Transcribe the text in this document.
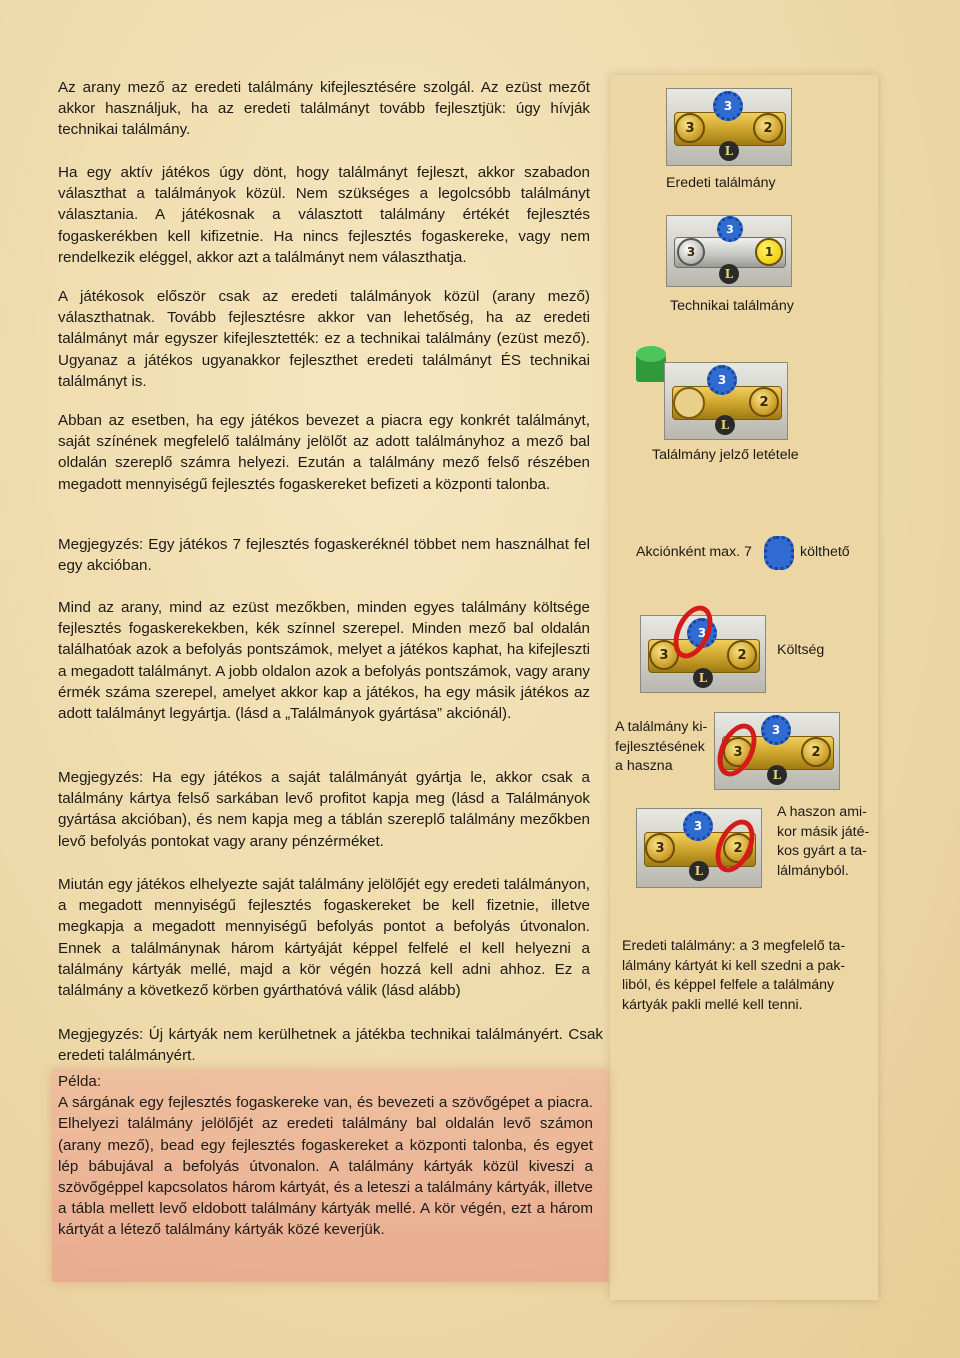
Az arany mező az eredeti találmány kifejlesztésére szolgál. Az ezüst mezőt akkor használjuk, ha az eredeti találmányt tovább fejlesztjük: úgy hívják technikai találmány.

Ha egy aktív játékos úgy dönt, hogy találmányt fejleszt, akkor szabadon választhat a találmányok közül. Nem szükséges a legolcsóbb találmányt választania. A játékosnak a választott találmány értékét fejlesztés fogaskerékben kell kifizetnie. Ha nincs fejlesztés fogaskereke, vagy nem rendelkezik eléggel, akkor azt a találmányt nem választhatja.

A játékosok először csak az eredeti találmányok közül (arany mező) választhatnak. Tovább fejlesztésre akkor van lehetőség, ha az eredeti találmányt már egyszer kifejlesztették: ez a technikai találmány (ezüst mező). Ugyanaz a játékos ugyanakkor fejleszthet eredeti találmányt ÉS technikai találmányt is.

Abban az esetben, ha egy játékos bevezet a piacra egy konkrét találmányt, saját színének megfelelő találmány jelölőt az adott találmányhoz a mező bal oldalán szereplő számra helyezi. Ezután a találmány mező felső részében megadott mennyiségű fejlesztés fogaskereket befizeti a központi talonba.

Megjegyzés: Egy játékos 7 fejlesztés fogaskeréknél többet nem használhat fel egy akcióban.

Mind az arany, mind az ezüst mezőkben, minden egyes találmány költsége fejlesztés fogaskerekekben, kék színnel szerepel. Minden mező bal oldalán találhatóak azok a befolyás pontszámok, melyet a játékos kaphat, ha kifejleszti a megadott találmányt. A jobb oldalon azok a befolyás pontszámok, vagy arany érmék száma szerepel, amelyet akkor kap a játékos, ha egy másik játékos az adott találmányt legyártja. (lásd a „Találmányok gyártása” akciónál).

Megjegyzés: Ha egy játékos a saját találmányát gyártja le, akkor csak a találmány kártya felső sarkában levő profitot kapja meg (lásd a Találmányok gyártása akcióban), és nem kapja meg a táblán szereplő találmány mezőkben levő befolyás pontokat vagy arany pénzérméket.

Miután egy játékos elhelyezte saját találmány jelölőjét egy eredeti találmányon, a megadott mennyiségű fejlesztés fogaskereket be kell fizetnie, illetve megkapja a megadott mennyiségű befolyás pontot a befolyás útvonalon. Ennek a találmánynak három kártyáját képpel felfelé el kell helyezni a találmány kártyák mellé, majd a kör végén hozzá kell adni ahhoz. Ez a találmány a következő körben gyárthatóvá válik (lásd alább)

Megjegyzés: Új kártyák nem kerülhetnek a játékba technikai találmányért. Csak eredeti találmányért.

Példa:
A sárgának egy fejlesztés fogaskereke van, és bevezeti a szövőgépet a piacra. Elhelyezi találmány jelölőjét az eredeti találmány bal oldalán levő számon (arany mező), bead egy fejlesztés fogaskereket a központi talonba, és egyet lép bábujával a befolyás útvonalon. A találmány kártyák közül kiveszi a szövőgéppel kapcsolatos három kártyát, és a leteszi a találmány kártyák, illetve a tábla mellett levő eldobott találmány kártyák mellé. A kör végén, ezt a három kártyát a létező találmány kártyák közé keverjük.

3	2
3
L

Eredeti találmány

3	1
3
L

Technikai találmány

2
3
L

Találmány jelző letétele

Akciónként max. 7	költhető

3	2
3
L

Költség

A találmány ki-
fejlesztésének
a haszna

3	2
3
L
3	2
3
L

A haszon ami-
kor másik játé-
kos gyárt a ta-
lálmányból.

Eredeti találmány: a 3 megfelelő ta-
lálmány kártyát ki kell szedni a pak-
liból, és képpel felfele a találmány
kártyák pakli mellé kell tenni.
